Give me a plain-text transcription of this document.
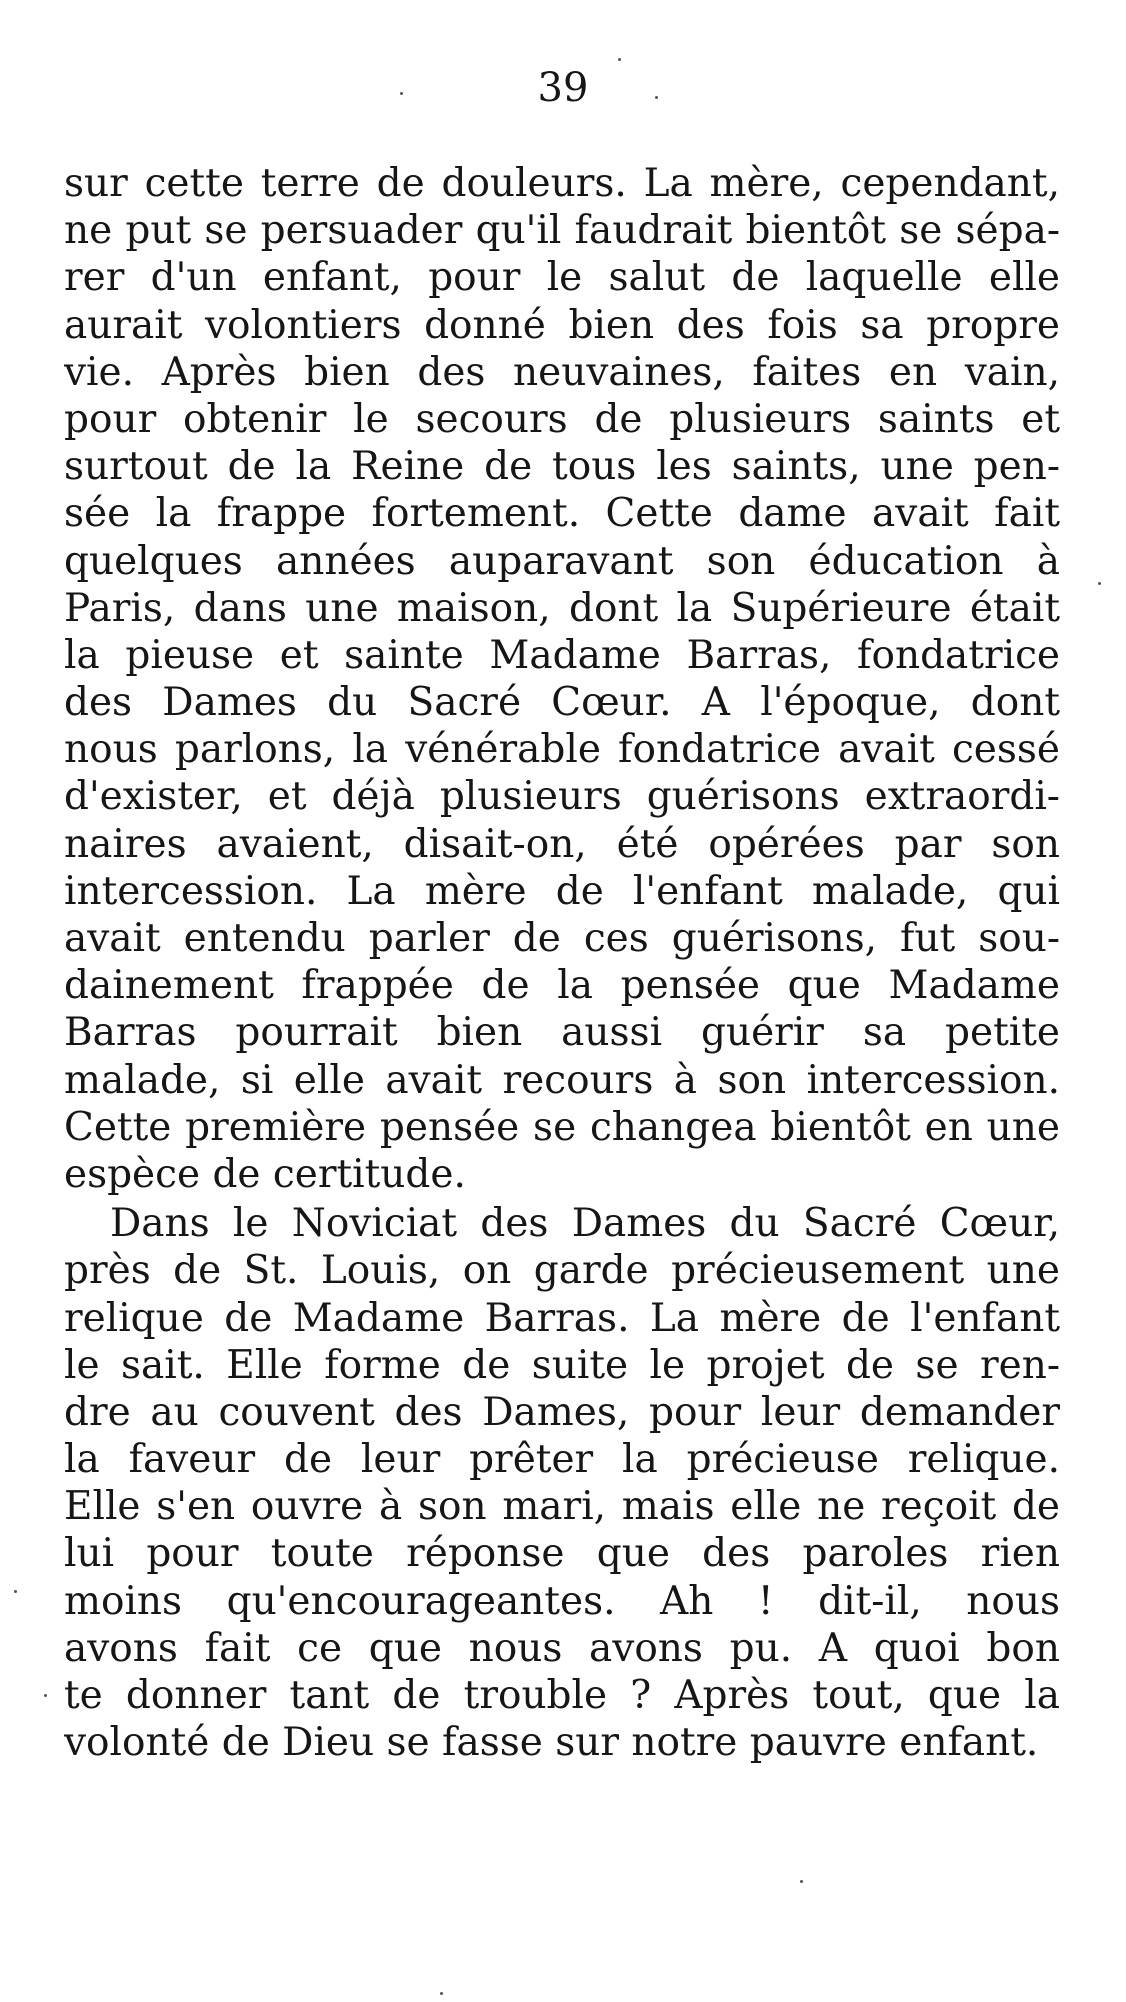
39
sur cette terre de douleurs. La mère, cependant,
ne put se persuader qu'il faudrait bientôt se sépa-
rer d'un enfant, pour le salut de laquelle elle
aurait volontiers donné bien des fois sa propre
vie. Après bien des neuvaines, faites en vain,
pour obtenir le secours de plusieurs saints et
surtout de la Reine de tous les saints, une pen-
sée la frappe fortement. Cette dame avait fait
quelques années auparavant son éducation à
Paris, dans une maison, dont la Supérieure était
la pieuse et sainte Madame Barras, fondatrice
des Dames du Sacré Cœur. A l'époque, dont
nous parlons, la vénérable fondatrice avait cessé
d'exister, et déjà plusieurs guérisons extraordi-
naires avaient, disait-on, été opérées par son
intercession. La mère de l'enfant malade, qui
avait entendu parler de ces guérisons, fut sou-
dainement frappée de la pensée que Madame
Barras pourrait bien aussi guérir sa petite
malade, si elle avait recours à son intercession.
Cette première pensée se changea bientôt en une
espèce de certitude.
Dans le Noviciat des Dames du Sacré Cœur,
près de St. Louis, on garde précieusement une
relique de Madame Barras. La mère de l'enfant
le sait. Elle forme de suite le projet de se ren-
dre au couvent des Dames, pour leur demander
la faveur de leur prêter la précieuse relique.
Elle s'en ouvre à son mari, mais elle ne reçoit de
lui pour toute réponse que des paroles rien
moins qu'encourageantes. Ah ! dit-il, nous
avons fait ce que nous avons pu. A quoi bon
te donner tant de trouble ? Après tout, que la
volonté de Dieu se fasse sur notre pauvre enfant.
